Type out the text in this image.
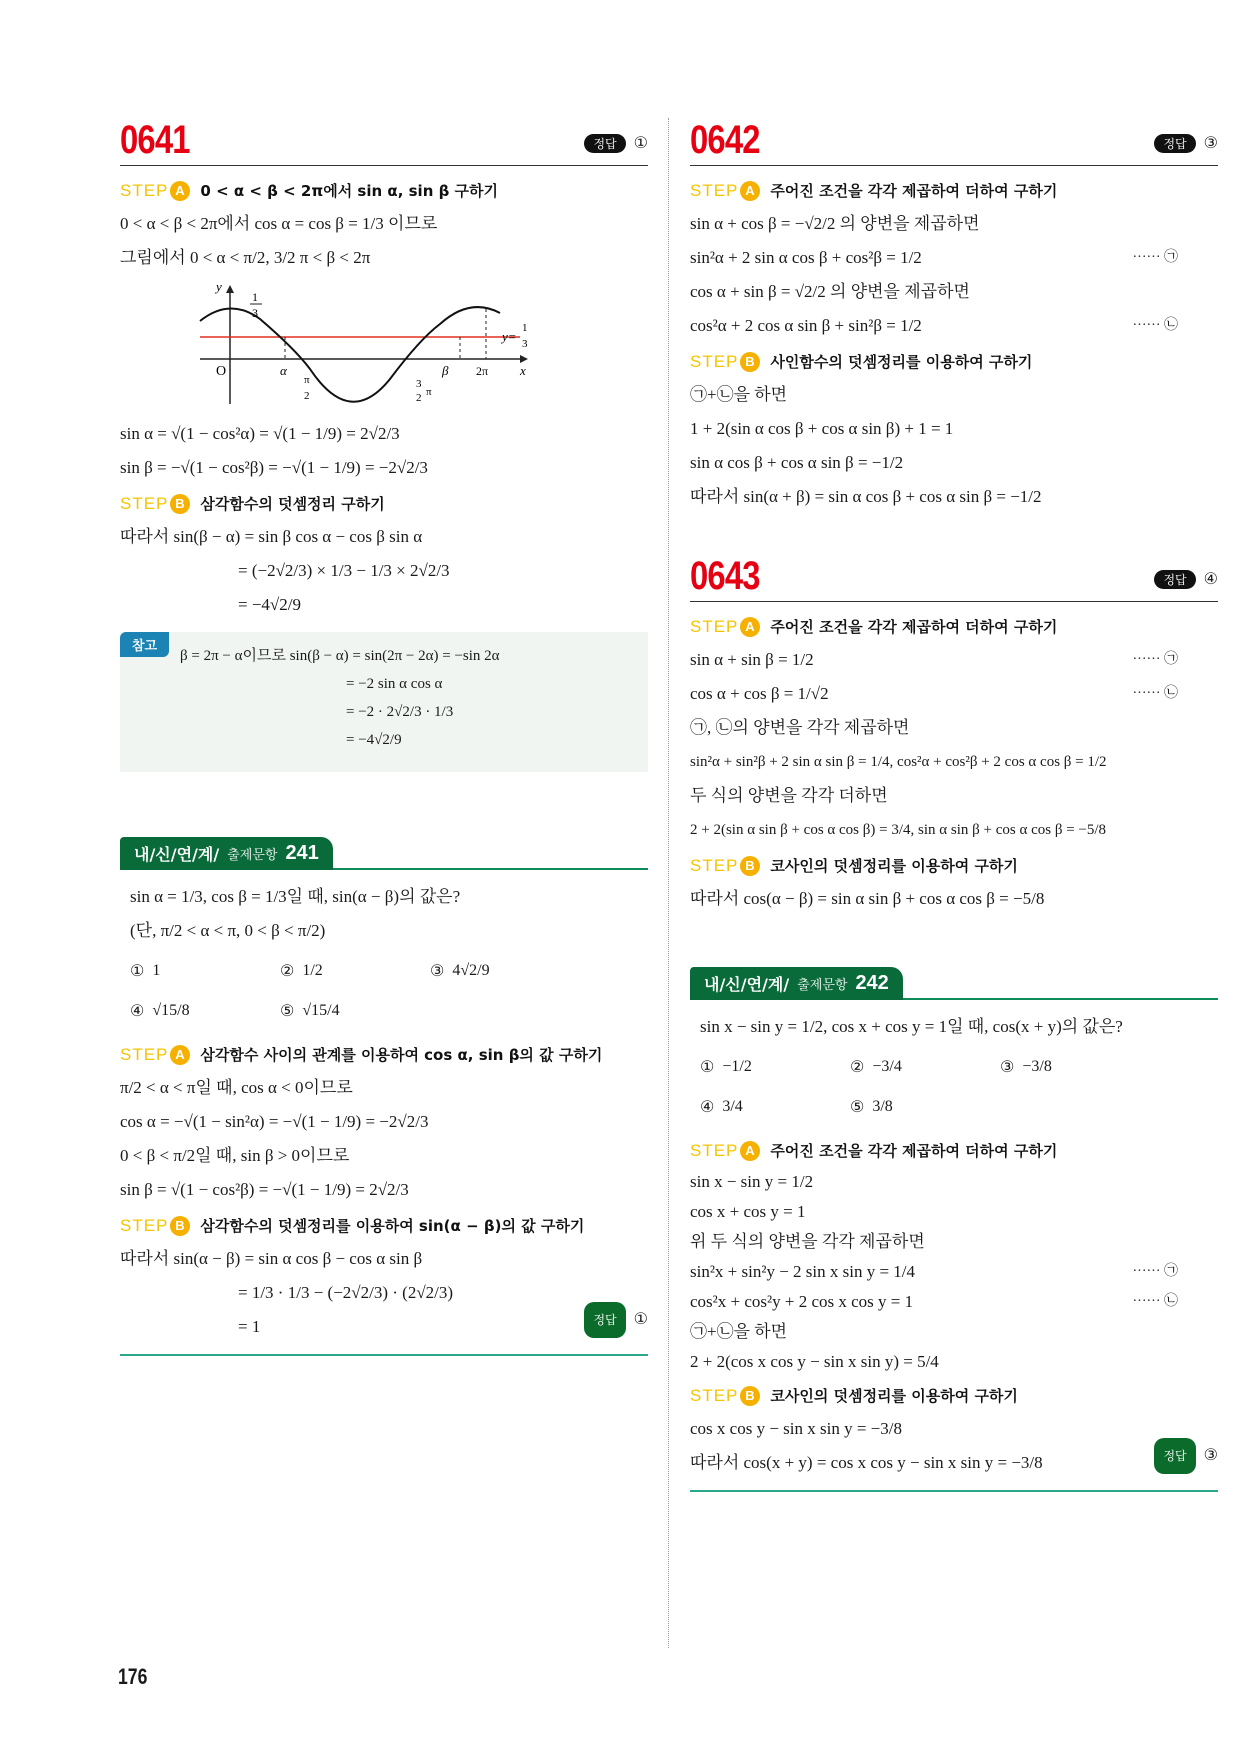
0641	정답	①
STEP A 0 < α < β < 2π에서 sin α, sin β 구하기
0 < α < β < 2π에서 cos α = cos β = 1/3 이므로
그림에서 0 < α < π/2, 3/2 π < β < 2π
y
1
3
O	α
π
2
3
2 π
β 2π x
y=
1
3
sin α = √(1 − cos²α) = √(1 − 1/9) = 2√2/3
sin β = −√(1 − cos²β) = −√(1 − 1/9) = −2√2/3
STEP B 삼각함수의 덧셈정리 구하기
따라서 sin(β − α) = sin β cos α − cos β sin α
= (−2√2/3) × 1/3 − 1/3 × 2√2/3
= −4√2/9
참고
β = 2π − α이므로 sin(β − α) = sin(2π − 2α) = −sin 2α
= −2 sin α cos α
= −2 · 2√2/3 · 1/3
= −4√2/9
내/신/연/계/ 출제문항 241
sin α = 1/3, cos β = 1/3일 때, sin(α − β)의 값은?
(단, π/2 < α < π, 0 < β < π/2)
① 1	② 1/2	③ 4√2/9
④ √15/8	⑤ √15/4
STEP A 삼각함수 사이의 관계를 이용하여 cos α, sin β의 값 구하기
π/2 < α < π일 때, cos α < 0이므로
cos α = −√(1 − sin²α) = −√(1 − 1/9) = −2√2/3
0 < β < π/2일 때, sin β > 0이므로
sin β = √(1 − cos²β) = −√(1 − 1/9) = 2√2/3
STEP B 삼각함수의 덧셈정리를 이용하여 sin(α − β)의 값 구하기
따라서 sin(α − β) = sin α cos β − cos α sin β
= 1/3 · 1/3 − (−2√2/3) · (2√2/3)
= 1	정답	①
0642	정답	③
STEP A 주어진 조건을 각각 제곱하여 더하여 구하기
sin α + cos β = −√2/2 의 양변을 제곱하면
sin²α + 2 sin α cos β + cos²β = 1/2	······ ㉠
cos α + sin β = √2/2 의 양변을 제곱하면
cos²α + 2 cos α sin β + sin²β = 1/2	······ ㉡
STEP B 사인함수의 덧셈정리를 이용하여 구하기
㉠+㉡을 하면
1 + 2(sin α cos β + cos α sin β) + 1 = 1
sin α cos β + cos α sin β = −1/2
따라서 sin(α + β) = sin α cos β + cos α sin β = −1/2
0643	정답	④
STEP A 주어진 조건을 각각 제곱하여 더하여 구하기
sin α + sin β = 1/2	······ ㉠
cos α + cos β = 1/√2	······ ㉡
㉠, ㉡의 양변을 각각 제곱하면
sin²α + sin²β + 2 sin α sin β = 1/4, cos²α + cos²β + 2 cos α cos β = 1/2
두 식의 양변을 각각 더하면
2 + 2(sin α sin β + cos α cos β) = 3/4, sin α sin β + cos α cos β = −5/8
STEP B 코사인의 덧셈정리를 이용하여 구하기
따라서 cos(α − β) = sin α sin β + cos α cos β = −5/8
내/신/연/계/ 출제문항 242
sin x − sin y = 1/2, cos x + cos y = 1일 때, cos(x + y)의 값은?
① −1/2	② −3/4	③ −3/8
④ 3/4	⑤ 3/8
STEP A 주어진 조건을 각각 제곱하여 더하여 구하기
sin x − sin y = 1/2
cos x + cos y = 1
위 두 식의 양변을 각각 제곱하면
sin²x + sin²y − 2 sin x sin y = 1/4	······ ㉠
cos²x + cos²y + 2 cos x cos y = 1	······ ㉡
㉠+㉡을 하면
2 + 2(cos x cos y − sin x sin y) = 5/4
STEP B 코사인의 덧셈정리를 이용하여 구하기
cos x cos y − sin x sin y = −3/8
따라서 cos(x + y) = cos x cos y − sin x sin y = −3/8	정답	③
176
